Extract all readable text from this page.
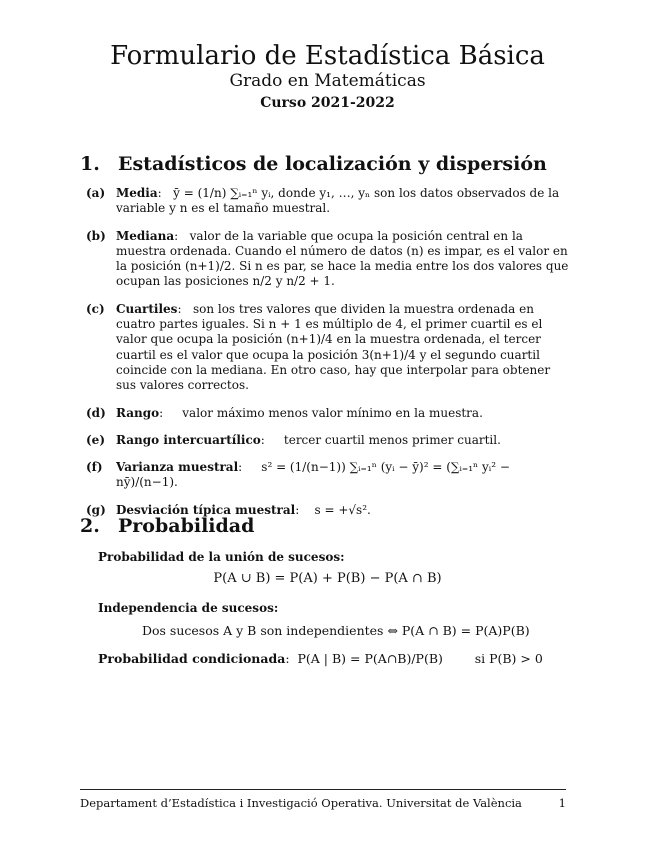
Formulario de Estadística Básica
Grado en Matemáticas
Curso 2021-2022
1. Estadísticos de localización y dispersión
(a) Media:   ȳ = (1/n) ∑ᵢ₌₁ⁿ yᵢ, donde y₁, …, yₙ son los datos observados de la variable y n es el tamaño muestral.
(b) Mediana:   valor de la variable que ocupa la posición central en la muestra ordenada. Cuando el número de datos (n) es impar, es el valor en la posición (n+1)/2. Si n es par, se hace la media entre los dos valores que ocupan las posiciones n/2 y n/2 + 1.
(c) Cuartiles:   son los tres valores que dividen la muestra ordenada en cuatro partes iguales. Si n + 1 es múltiplo de 4, el primer cuartil es el valor que ocupa la posición (n+1)/4 en la muestra ordenada, el tercer cuartil es el valor que ocupa la posición 3(n+1)/4 y el segundo cuartil coincide con la mediana. En otro caso, hay que interpolar para obtener sus valores correctos.
(d) Rango:     valor máximo menos valor mínimo en la muestra.
(e) Rango intercuartílico:     tercer cuartil menos primer cuartil.
(f) Varianza muestral:     s² = (1/(n−1)) ∑ᵢ₌₁ⁿ (yᵢ − ȳ)² = (∑ᵢ₌₁ⁿ yᵢ² − nȳ)/(n−1).
(g) Desviación típica muestral:    s = +√s².
2. Probabilidad
Probabilidad de la unión de sucesos:
P(A ∪ B) = P(A) + P(B) − P(A ∩ B)
Independencia de sucesos:
Dos sucesos A y B son independientes ⇔ P(A ∩ B) = P(A)P(B)
Probabilidad condicionada:  P(A | B) = P(A∩B)/P(B)	si P(B) > 0
Departament d’Estadística i Investigació Operativa. Universitat de València	1
